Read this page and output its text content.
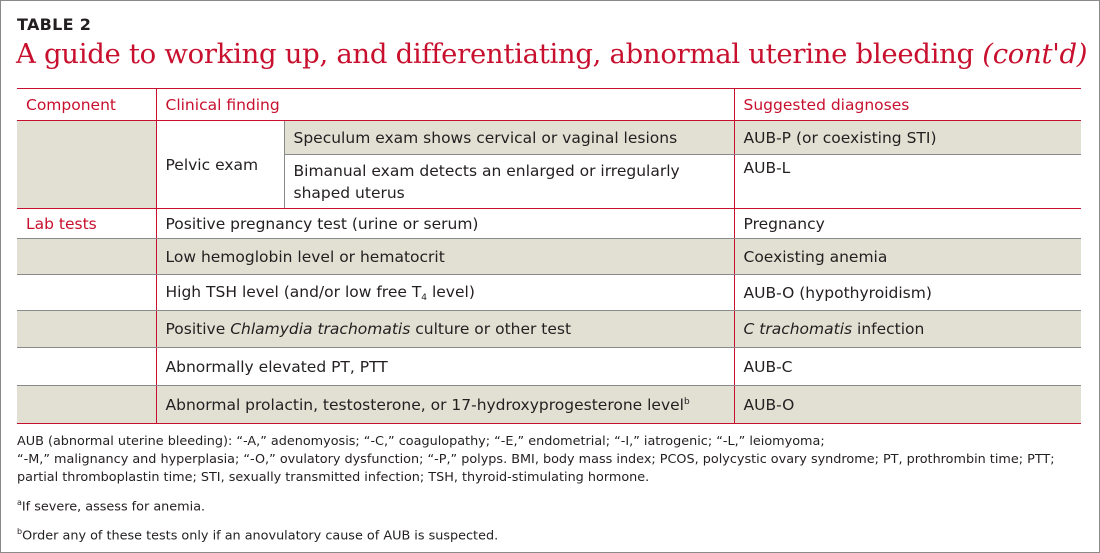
TABLE 2
A guide to working up, and differentiating, abnormal uterine bleeding (cont'd)
Component	Clinical finding		Suggested diagnoses
	Pelvic exam	Speculum exam shows cervical or vaginal lesions	AUB-P (or coexisting STI)
		Bimanual exam detects an enlarged or irregularly
shaped uterus	AUB-L
Lab tests	Positive pregnancy test (urine or serum)		Pregnancy
	Low hemoglobin level or hematocrit		Coexisting anemia
	High TSH level (and/or low free $T_4$ level)		AUB-O (hypothyroidism)
	Positive Chlamydia trachomatis culture or other test		C trachomatis infection
	Abnormally elevated PT, PTT		AUB-C
	Abnormal prolactin, testosterone, or 17-hydroxyprogesterone level$^b$		AUB-O

AUB (abnormal uterine bleeding): “-A,” adenomyosis; “-C,” coagulopathy; “-E,” endometrial; “-I,” iatrogenic; “-L,” leiomyoma;

“-M,” malignancy and hyperplasia; “-O,” ovulatory dysfunction; “-P,” polyps. BMI, body mass index; PCOS, polycystic ovary syndrome; PT, prothrombin time; PTT;

partial thromboplastin time; STI, sexually transmitted infection; TSH, thyroid-stimulating hormone.

$^a$If severe, assess for anemia.

$^b$Order any of these tests only if an anovulatory cause of AUB is suspected.
